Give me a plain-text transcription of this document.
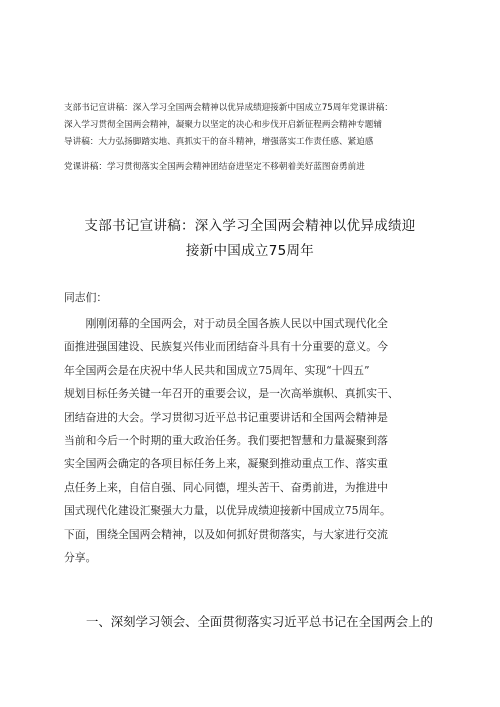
支部书记宣讲稿：深入学习全国两会精神以优异成绩迎接新中国成立75周年党课讲稿：
深入学习贯彻全国两会精神，凝聚力以坚定的决心和步伐开启新征程两会精神专题辅
导讲稿：大力弘扬脚踏实地、真抓实干的奋斗精神，增强落实工作责任感、紧迫感
党课讲稿：学习贯彻落实全国两会精神团结奋进坚定不移朝着美好蓝图奋勇前进
支部书记宣讲稿：深入学习全国两会精神以优异成绩迎
接新中国成立75周年
同志们：
　　刚刚闭幕的全国两会，对于动员全国各族人民以中国式现代化全
面推进强国建设、民族复兴伟业而团结奋斗具有十分重要的意义。今
年全国两会是在庆祝中华人民共和国成立75周年、实现“十四五”
规划目标任务关键一年召开的重要会议，是一次高举旗帜、真抓实干、
团结奋进的大会。学习贯彻习近平总书记重要讲话和全国两会精神是
当前和今后一个时期的重大政治任务。我们要把智慧和力量凝聚到落
实全国两会确定的各项目标任务上来，凝聚到推动重点工作、落实重
点任务上来，自信自强、同心同德，埋头苦干、奋勇前进，为推进中
国式现代化建设汇聚强大力量，以优异成绩迎接新中国成立75周年。
下面，围绕全国两会精神，以及如何抓好贯彻落实，与大家进行交流
分享。
一、深刻学习领会、全面贯彻落实习近平总书记在全国两会上的
